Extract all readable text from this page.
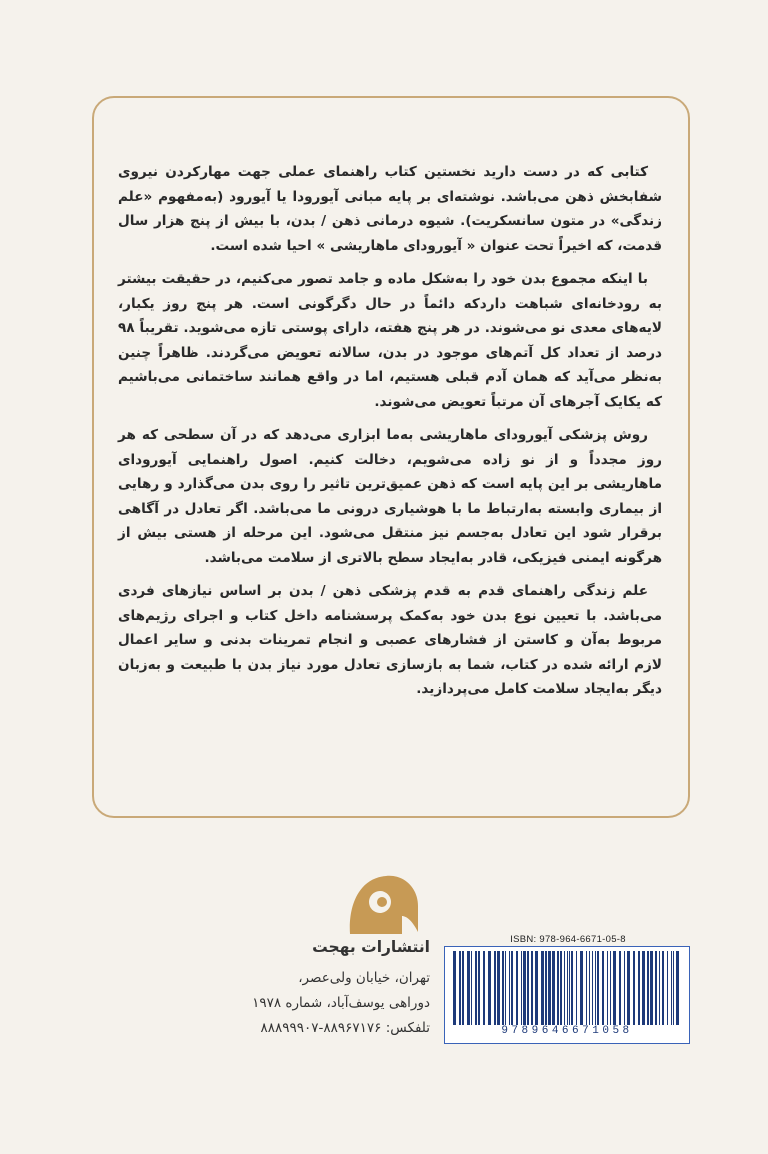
کتابی که در دست دارید نخستین کتاب راهنمای عملی جهت مهارکردن نیروی شفابخش ذهن می‌باشد. نوشته‌ای بر پایه مبانی آیورودا یا آیورود (به‌مفهوم «علم زندگی» در متون سانسکریت). شیوه درمانی ذهن / بدن، با بیش از پنج هزار سال قدمت، که اخیراً تحت عنوان « آیورودای ماهاریشی » احیا شده است.

با اینکه مجموع بدن خود را به‌شکل ماده و جامد تصور می‌کنیم، در حقیقت بیشتر به رودخانه‌ای شباهت دارد‌که دائماً در حال دگرگونی است. هر پنج روز یکبار، لایه‌های معدی نو می‌شوند. در هر پنج هفته، دارای پوستی تازه می‌شوید. تقریباً ۹۸ درصد از تعداد کل آتم‌های موجود در بدن، سالانه تعویض می‌گردند. ظاهراً چنین به‌نظر می‌آید که همان آدم قبلی هستیم، اما در واقع همانند ساختمانی می‌باشیم که یکایک آجرهای آن مرتباً تعویض می‌شوند.

روش پزشکی آیورودای ماهاریشی به‌ما ابزاری می‌دهد که در آن سطحی که هر روز مجدداً و از نو زاده می‌شویم، دخالت کنیم. اصول راهنمایی آیورودای ماهاریشی بر این پایه است که ذهن عمیق‌ترین تاثیر را روی بدن می‌گذارد و رهایی از بیماری وابسته به‌ارتباط ما با هوشیاری درونی ما می‌باشد. اگر تعادل در آگاهی برقرار شود این تعادل به‌جسم نیز منتقل می‌شود. این مرحله از هستی بیش از هرگونه ایمنی فیزیکی، قادر به‌ایجاد سطح بالاتری از سلامت می‌باشد.

علم زندگی راهنمای قدم به قدم پزشکی ذهن / بدن بر اساس نیازهای فردی می‌باشد. با تعیین نوع بدن خود به‌کمک پرسشنامه داخل کتاب و اجرای رژیم‌های مربوط به‌آن و کاستن از فشارهای عصبی و انجام تمرینات بدنی و سایر اعمال لازم ارائه شده در کتاب، شما به بازسازی تعادل مورد نیاز بدن با طبیعت و به‌زبان دیگر به‌ایجاد سلامت کامل می‌پردازید.

انتشارات بهجت
تهران، خیابان ولی‌عصر،
دوراهی یوسف‌آباد، شماره ۱۹۷۸
تلفکس: ۸۸۹۶۷۱۷۶-۸۸۸۹۹۹۰۷
ISBN: 978-964-6671-05-8
9789646671058
